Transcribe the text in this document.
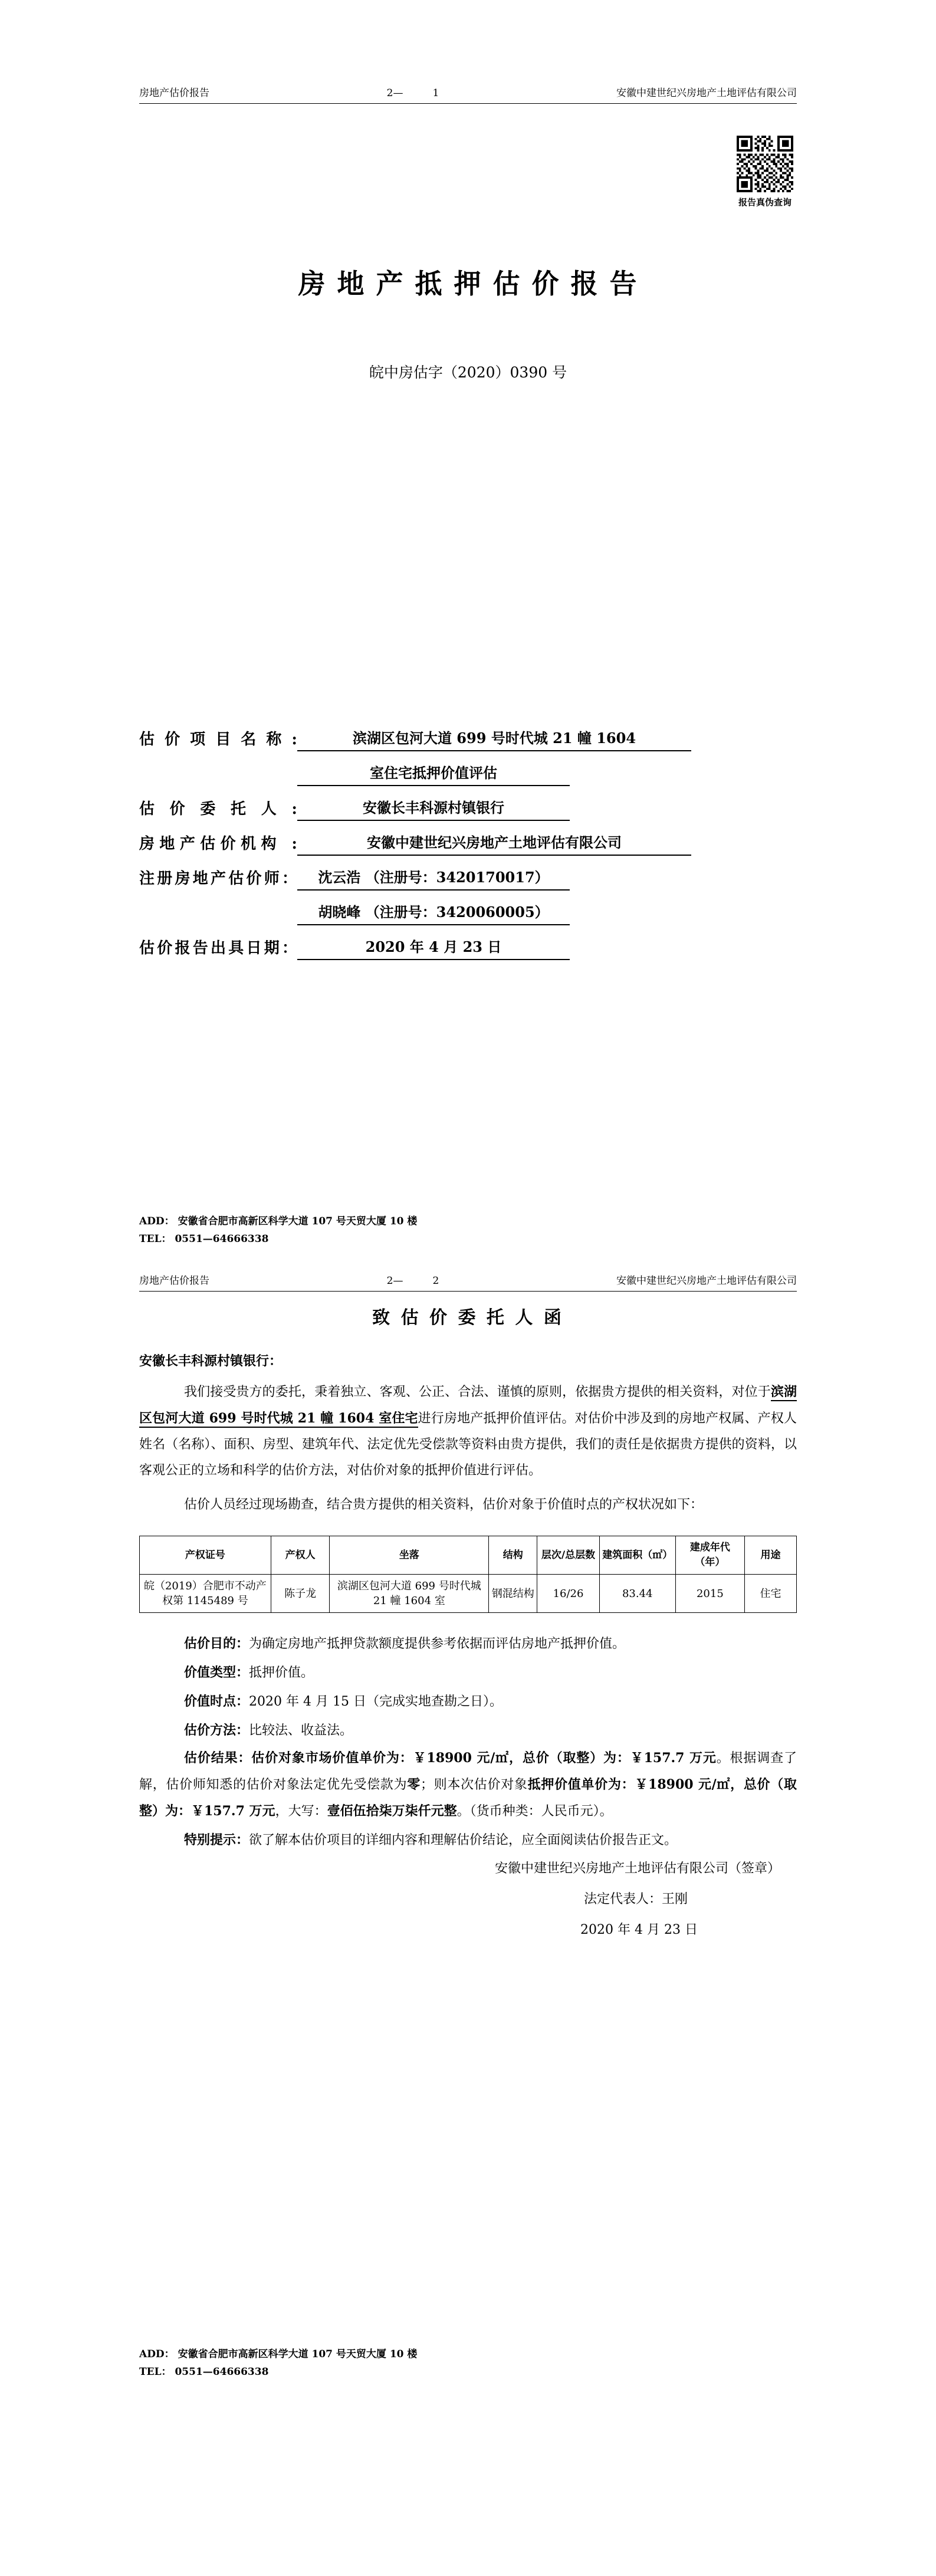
房地产估价报告	2—	1	安徽中建世纪兴房地产土地评估有限公司
报告真伪查询
房 地 产 抵 押 估 价 报 告
皖中房估字（2020）0390 号
估 价 项 目 名 称 :	滨湖区包河大道 699 号时代城 21 幢 1604
室住宅抵押价值评估
估 价 委 托 人 :	安徽长丰科源村镇银行
房地产估价机构 :	安徽中建世纪兴房地产土地评估有限公司
注册房地产估价师：	沈云浩 （注册号：3420170017）
胡晓峰 （注册号：3420060005）
估价报告出具日期：	2020 年 4 月 23 日
ADD： 安徽省合肥市高新区科学大道 107 号天贸大厦 10 楼
TEL： 0551—64666338
房地产估价报告	2—	2	安徽中建世纪兴房地产土地评估有限公司
致 估 价 委 托 人 函

安徽长丰科源村镇银行：

我们接受贵方的委托，秉着独立、客观、公正、合法、谨慎的原则，依据贵方提供的相关资料，对位于滨湖区包河大道 699 号时代城 21 幢 1604 室住宅进行房地产抵押价值评估。对估价中涉及到的房地产权属、产权人姓名（名称）、面积、房型、建筑年代、法定优先受偿款等资料由贵方提供，我们的责任是依据贵方提供的资料，以客观公正的立场和科学的估价方法，对估价对象的抵押价值进行评估。

估价人员经过现场勘查，结合贵方提供的相关资料，估价对象于价值时点的产权状况如下：

产权证号	产权人	坐落	结构	层次/总层数	建筑面积（㎡）	建成年代（年）	用途
皖（2019）合肥市不动产权第 1145489 号	陈子龙	滨湖区包河大道 699 号时代城 21 幢 1604 室	钢混结构	16/26	83.44	2015	住宅

估价目的：为确定房地产抵押贷款额度提供参考依据而评估房地产抵押价值。

价值类型：抵押价值。

价值时点：2020 年 4 月 15 日（完成实地查勘之日）。

估价方法：比较法、收益法。

估价结果：估价对象市场价值单价为：￥18900 元/㎡，总价（取整）为：￥157.7 万元。根据调查了解，估价师知悉的估价对象法定优先受偿款为零；则本次估价对象抵押价值单价为：￥18900 元/㎡，总价（取整）为：￥157.7 万元，大写：壹佰伍拾柒万柒仟元整。（货币种类：人民币元）。

特别提示：欲了解本估价项目的详细内容和理解估价结论，应全面阅读估价报告正文。

安徽中建世纪兴房地产土地评估有限公司（签章）
法定代表人：王刚
2020 年 4 月 23 日
ADD： 安徽省合肥市高新区科学大道 107 号天贸大厦 10 楼
TEL： 0551—64666338
